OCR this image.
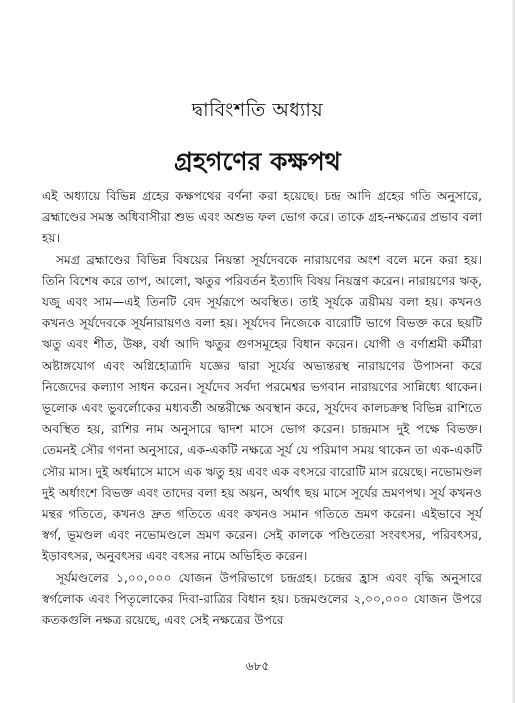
দ্বাবিংশতি অধ্যায়
গ্রহগণের কক্ষপথ

এই অধ্যায়ে বিভিন্ন গ্রহের কক্ষপথের বর্ণনা করা হয়েছে। চন্দ্র আদি গ্রহের গতি অনুসারে, ব্রহ্মাণ্ডের সমস্ত অধিবাসীরা শুভ এবং অশুভ ফল ভোগ করে। তাকে গ্রহ-নক্ষত্রের প্রভাব বলা হয়।

সমগ্র ব্রহ্মাণ্ডের বিভিন্ন বিষয়ের নিয়ন্তা সূর্যদেবকে নারায়ণের অংশ বলে মনে করা হয়। তিনি বিশেষ করে তাপ, আলো, ঋতুর পরিবর্তন ইত্যাদি বিষয় নিয়ন্ত্রণ করেন। নারায়ণের ঋক্‌, যজু এবং সাম—এই তিনটি বেদ সূর্যরূপে অবস্থিত। তাই সূর্যকে ত্রয়ীময় বলা হয়। কখনও কখনও সূর্যদেবকে সূর্যনারায়ণও বলা হয়। সূর্যদেব নিজেকে বারোটি ভাগে বিভক্ত করে ছয়টি ঋতু এবং শীত, উষ্ণ, বর্ষা আদি ঋতুর গুণসমূহের বিধান করেন। যোগী ও বর্ণাশ্রমী কর্মীরা অষ্টাঙ্গযোগ এবং অগ্নিহোত্রাদি যজ্ঞের দ্বারা সূর্যের অভ্যন্তরস্থ নারায়ণের উপাসনা করে নিজেদের কল্যাণ সাধন করেন। সূর্যদেব সর্বদা পরমেশ্বর ভগবান নারায়ণের সান্নিধ্যে থাকেন। ভূলোক এবং ভুবর্লোকের মধ্যবর্তী অন্তরীক্ষে অবস্থান করে, সূর্যদেব কালচক্রস্থ বিভিন্ন রাশিতে অবস্থিত হয়, রাশির নাম অনুসারে দ্বাদশ মাসে ভোগ করেন। চান্দ্রমাস দুই পক্ষে বিভক্ত। তেমনই সৌর গণনা অনুসারে, এক-একটি নক্ষত্রে সূর্য যে পরিমাণ সময় থাকেন তা এক-একটি সৌর মাস। দুই অর্ধমাসে মাসে এক ঋতু হয় এবং এক বৎসরে বারোটি মাস রয়েছে। নভোমণ্ডল দুই অর্ধাংশে বিভক্ত এবং তাদের বলা হয় অয়ন, অর্থাৎ ছয় মাসে সূর্যের ভ্রমণপথ। সূর্য কখনও মন্থর গতিতে, কখনও দ্রুত গতিতে এবং কখনও সমান গতিতে ভ্রমণ করেন। এইভাবে সূর্য স্বর্গ, ভূমণ্ডল এবং নভোমণ্ডলে ভ্রমণ করেন। সেই কালকে পণ্ডিতেরা সংবৎসর, পরিবৎসর, ইড়াবৎসর, অনুবৎসর এবং বৎসর নামে অভিহিত করেন।

সূর্যমণ্ডলের ১,০০,০০০ যোজন উপরিভাগে চন্দ্রগ্রহ। চন্দ্রের হ্রাস এবং বৃদ্ধি অনুসারে স্বর্গলোক এবং পিতৃলোকের দিবা-রাত্রির বিধান হয়। চন্দ্রমণ্ডলের ২,০০,০০০ যোজন উপরে কতকগুলি নক্ষত্র রয়েছে, এবং সেই নক্ষত্রের উপরে

৬৮৫
